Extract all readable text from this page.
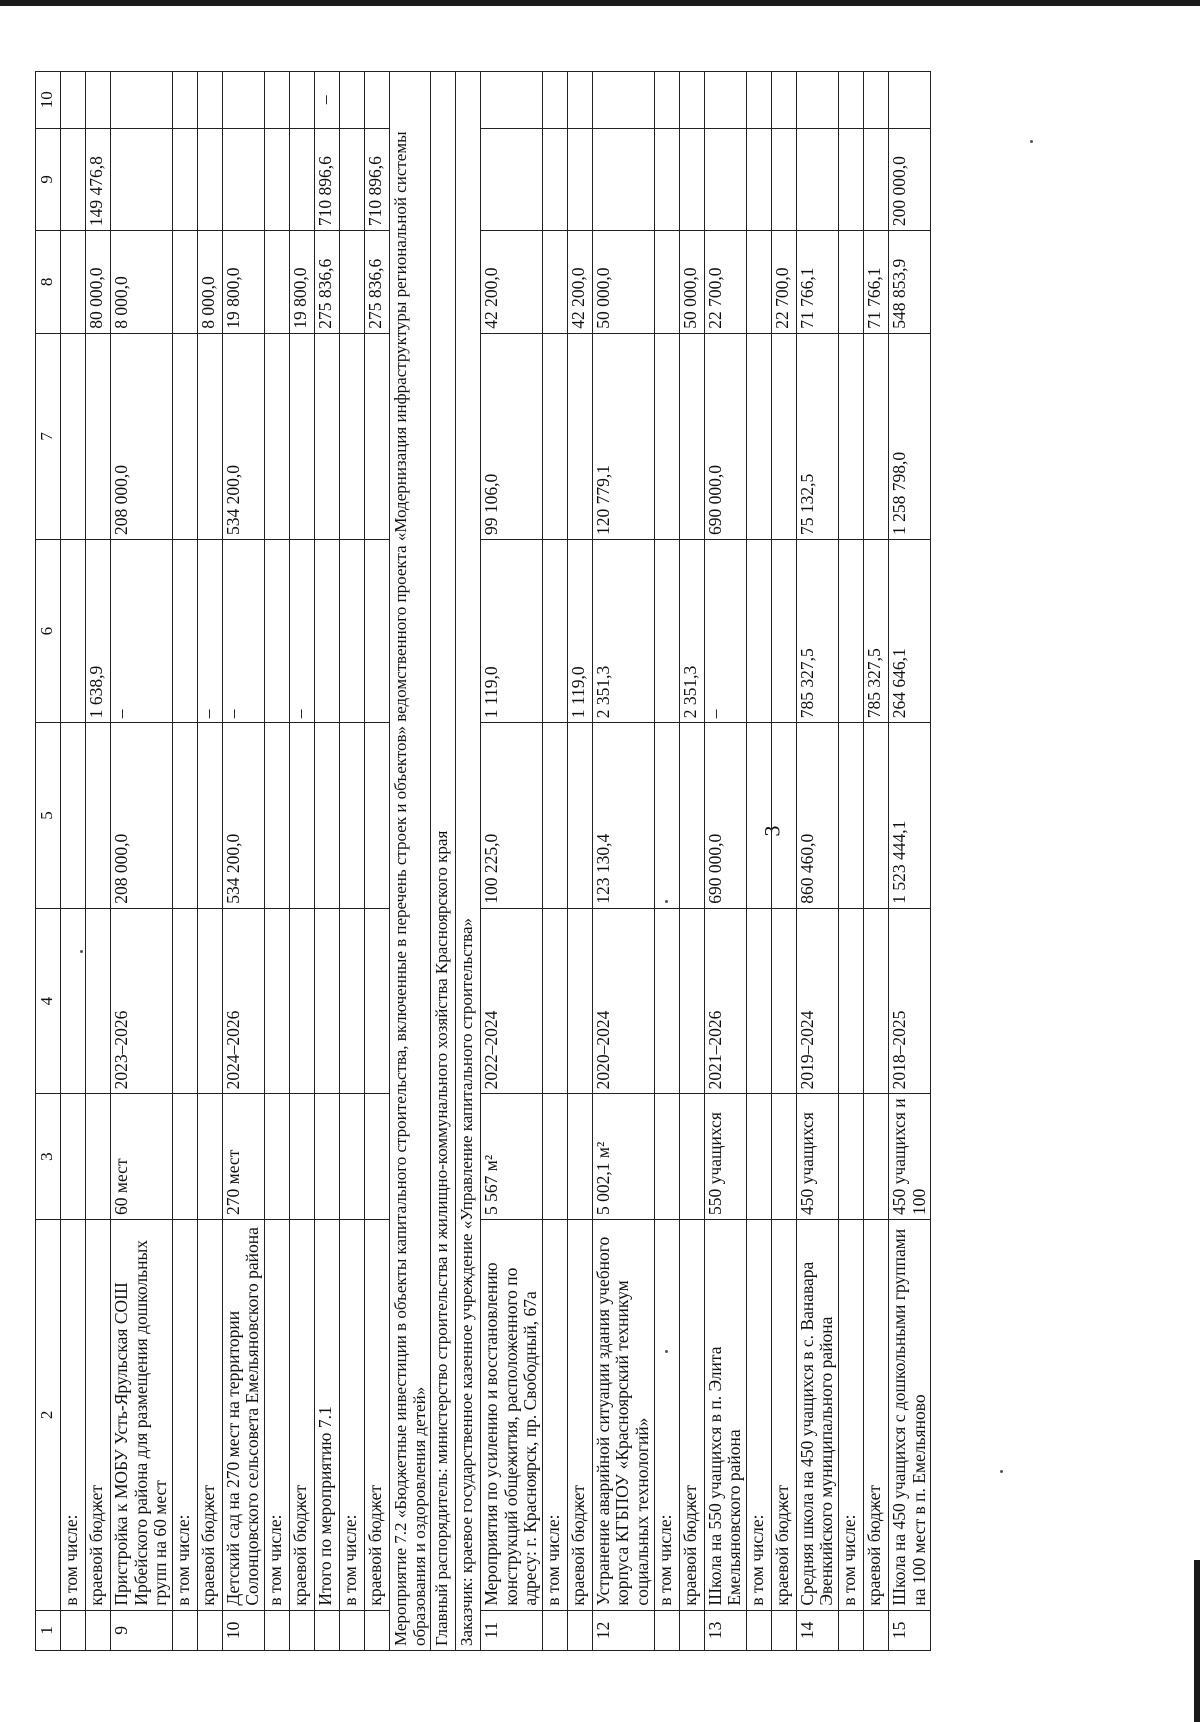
3
1	2	3	4	5	6	7	8	9	10
	в том числе:								
	краевой бюджет				1 638,9		80 000,0	149 476,8	
9	Пристройка к МОБУ Усть-Ярульская СОШ Ирбейского района для размещения дошкольных групп на 60 мест	60 мест	2023–2026	208 000,0	–	208 000,0	8 000,0		
	в том числе:								
	краевой бюджет				–		8 000,0		
10	Детский сад на 270 мест на территории Солонцовского сельсовета Емельяновского района	270 мест	2024–2026	534 200,0	–	534 200,0	19 800,0		
	в том числе:								
	краевой бюджет				–		19 800,0		
	Итого по мероприятию 7.1						275 836,6	710 896,6	–
	в том числе:								
	краевой бюджет						275 836,6	710 896,6	
Мероприятие 7.2 «Бюджетные инвестиции в объекты капитального строительства, включенные в перечень строек и объектов» ведомственного проекта «Модернизация инфраструктуры региональной системы образования и оздоровления детей»									
Главный распорядитель: министерство строительства и жилищно-коммунального хозяйства Красноярского края									
Заказчик: краевое государственное казенное учреждение «Управление капитального строительства»									
11	Мероприятия по усилению и восстановлению конструкций общежития, расположенного по адресу: г. Красноярск, пр. Свободный, 67а	5 567 м²	2022–2024	100 225,0	1 119,0	99 106,0	42 200,0		
	в том числе:								
	краевой бюджет				1 119,0		42 200,0		
12	Устранение аварийной ситуации здания учебного корпуса КГБПОУ «Красноярский техникум социальных технологий»	5 002,1 м²	2020–2024	123 130,4	2 351,3	120 779,1	50 000,0		
	в том числе:								
	краевой бюджет				2 351,3		50 000,0		
13	Школа на 550 учащихся в п. Элита Емельяновского района	550 учащихся	2021–2026	690 000,0	–	690 000,0	22 700,0		
	в том числе:								
	краевой бюджет						22 700,0		
14	Средняя школа на 450 учащихся в с. Ванавара Эвенкийского муниципального района	450 учащихся	2019–2024	860 460,0	785 327,5	75 132,5	71 766,1		
	в том числе:								
	краевой бюджет				785 327,5		71 766,1		
15	Школа на 450 учащихся с дошкольными группами на 100 мест в п. Емельяново	450 учащихся и 100	2018–2025	1 523 444,1	264 646,1	1 258 798,0	548 853,9	200 000,0	
